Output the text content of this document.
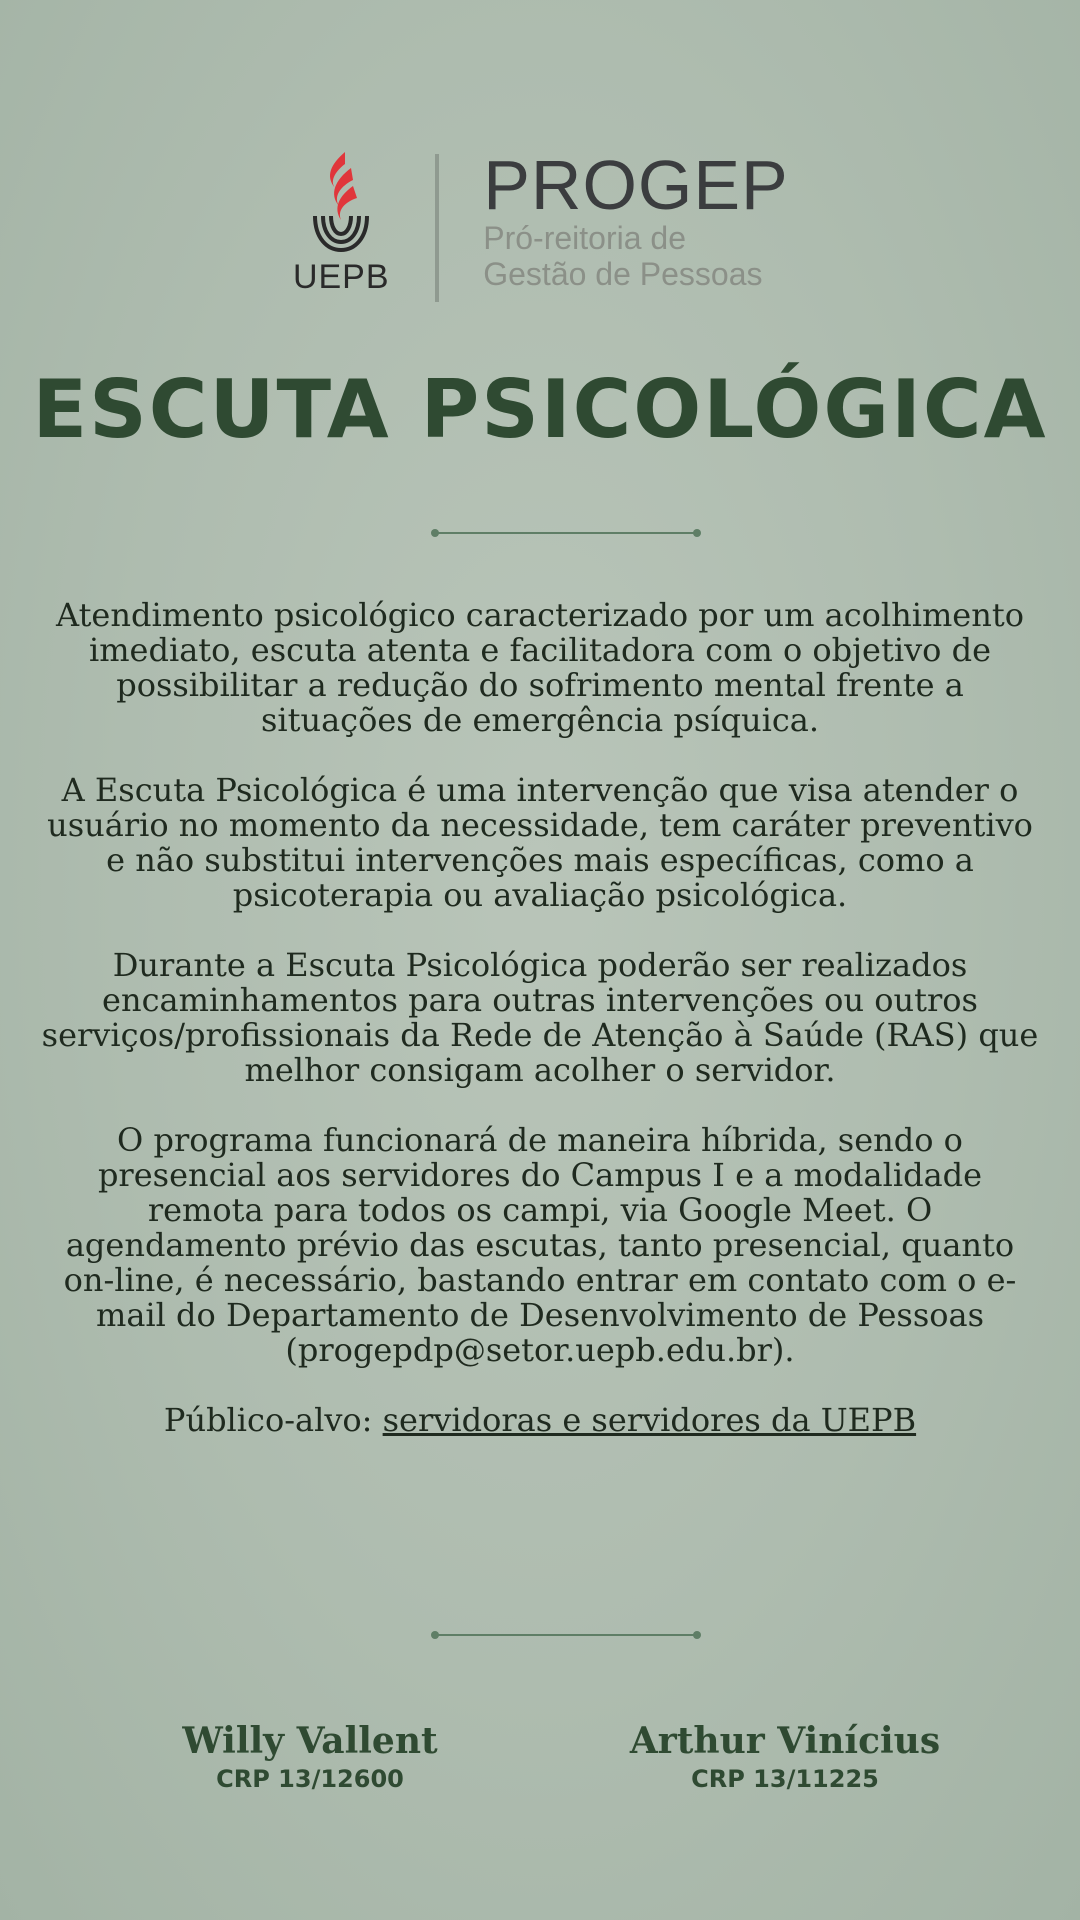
UEPB
PROGEP
Pró-reitoria de
Gestão de Pessoas
ESCUTA PSICOLÓGICA

Atendimento psicológico caracterizado por um acolhimento imediato, escuta atenta e facilitadora com o objetivo de possibilitar a redução do sofrimento mental frente a situações de emergência psíquica.

A Escuta Psicológica é uma intervenção que visa atender o usuário no momento da necessidade, tem caráter preventivo e não substitui intervenções mais específicas, como a psicoterapia ou avaliação psicológica.

Durante a Escuta Psicológica poderão ser realizados encaminhamentos para outras intervenções ou outros serviços/profissionais da Rede de Atenção à Saúde (RAS) que melhor consigam acolher o servidor.

O programa funcionará de maneira híbrida, sendo o presencial aos servidores do Campus I e a modalidade remota para todos os campi, via Google Meet. O agendamento prévio das escutas, tanto presencial, quanto on-line, é necessário, bastando entrar em contato com o e-mail do Departamento de Desenvolvimento de Pessoas (progepdp@setor.uepb.edu.br).

Público-alvo: servidoras e servidores da UEPB

Willy Vallent
CRP 13/12600
Arthur Vinícius
CRP 13/11225
